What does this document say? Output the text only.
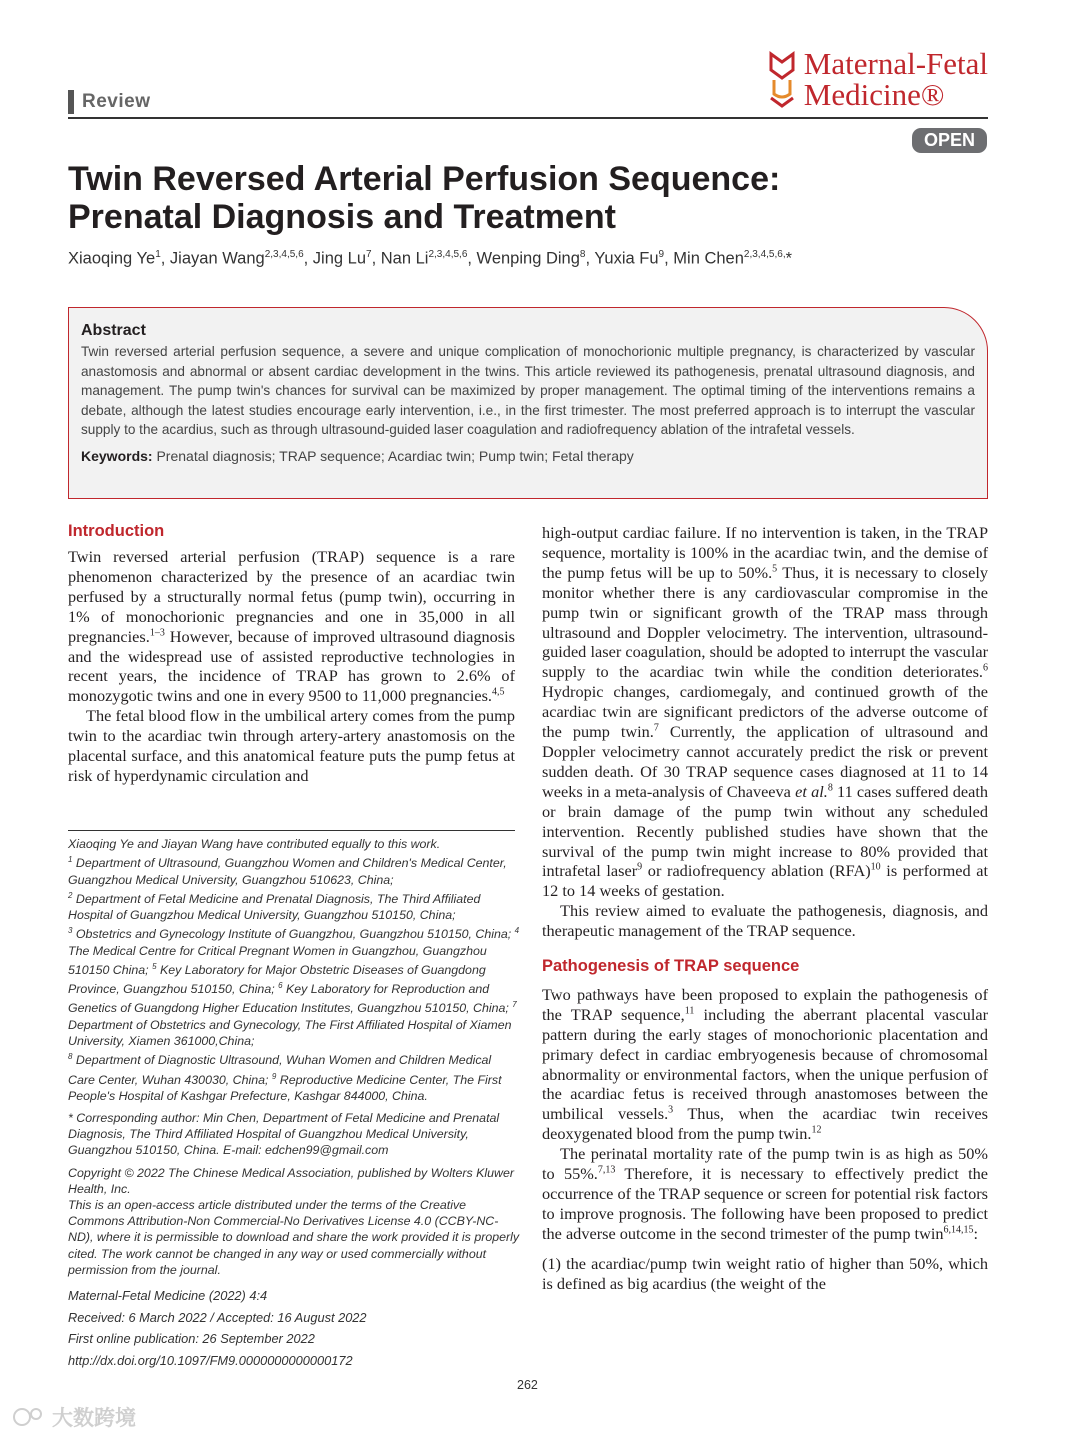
Review
Maternal-Fetal
Medicine®
OPEN
Twin Reversed Arterial Perfusion Sequence:
Prenatal Diagnosis and Treatment
Xiaoqing Ye$^1$, Jiayan Wang$^{2,3,4,5,6}$, Jing Lu$^7$, Nan Li$^{2,3,4,5,6}$, Wenping Ding$^8$, Yuxia Fu$^9$, Min Chen$^{2,3,4,5,6,}$*
Abstract

Twin reversed arterial perfusion sequence, a severe and unique complication of monochorionic multiple pregnancy, is characterized by vascular anastomosis and abnormal or absent cardiac development in the twins. This article reviewed its pathogenesis, prenatal ultrasound diagnosis, and management. The pump twin's chances for survival can be maximized by proper management. The optimal timing of the interventions remains a debate, although the latest studies encourage early intervention, i.e., in the first trimester. The most preferred approach is to interrupt the vascular supply to the acardius, such as through ultrasound-guided laser coagulation and radiofrequency ablation of the intrafetal vessels.

Keywords: Prenatal diagnosis; TRAP sequence; Acardiac twin; Pump twin; Fetal therapy
Introduction

Twin reversed arterial perfusion (TRAP) sequence is a rare phenomenon characterized by the presence of an acardiac twin perfused by a structurally normal fetus (pump twin), occurring in 1% of monochorionic pregnancies and one in 35,000 in all pregnancies.$^{1-3}$ However, because of improved ultrasound diagnosis and the widespread use of assisted reproductive technologies in recent years, the incidence of TRAP has grown to 2.6% of monozygotic twins and one in every 9500 to 11,000 pregnancies.$^{4,5}$

The fetal blood flow in the umbilical artery comes from the pump twin to the acardiac twin through artery-artery anastomosis on the placental surface, and this anatomical feature puts the pump fetus at risk of hyperdynamic circulation and

Xiaoqing Ye and Jiayan Wang have contributed equally to this work.

$^1$ Department of Ultrasound, Guangzhou Women and Children's Medical Center, Guangzhou Medical University, Guangzhou 510623, China;
$^2$ Department of Fetal Medicine and Prenatal Diagnosis, The Third Affiliated Hospital of Guangzhou Medical University, Guangzhou 510150, China;
$^3$ Obstetrics and Gynecology Institute of Guangzhou, Guangzhou 510150, China; $^4$ The Medical Centre for Critical Pregnant Women in Guangzhou, Guangzhou 510150 China; $^5$ Key Laboratory for Major Obstetric Diseases of Guangdong Province, Guangzhou 510150, China; $^6$ Key Laboratory for Reproduction and Genetics of Guangdong Higher Education Institutes, Guangzhou 510150, China; $^7$ Department of Obstetrics and Gynecology, The First Affiliated Hospital of Xiamen University, Xiamen 361000,China;
$^8$ Department of Diagnostic Ultrasound, Wuhan Women and Children Medical Care Center, Wuhan 430030, China; $^9$ Reproductive Medicine Center, The First People's Hospital of Kashgar Prefecture, Kashgar 844000, China.

* Corresponding author: Min Chen, Department of Fetal Medicine and Prenatal Diagnosis, The Third Affiliated Hospital of Guangzhou Medical University, Guangzhou 510150, China. E-mail: edchen99@gmail.com

Copyright © 2022 The Chinese Medical Association, published by Wolters Kluwer Health, Inc.

This is an open-access article distributed under the terms of the Creative Commons Attribution-Non Commercial-No Derivatives License 4.0 (CCBY-NC-ND), where it is permissible to download and share the work provided it is properly cited. The work cannot be changed in any way or used commercially without permission from the journal.

Maternal-Fetal Medicine (2022) 4:4
Received: 6 March 2022 / Accepted: 16 August 2022
First online publication: 26 September 2022
http://dx.doi.org/10.1097/FM9.0000000000000172

high-output cardiac failure. If no intervention is taken, in the TRAP sequence, mortality is 100% in the acardiac twin, and the demise of the pump fetus will be up to 50%.$^5$ Thus, it is necessary to closely monitor whether there is any cardiovascular compromise in the pump twin or significant growth of the TRAP mass through ultrasound and Doppler velocimetry. The intervention, ultrasound-guided laser coagulation, should be adopted to interrupt the vascular supply to the acardiac twin while the condition deteriorates.$^6$ Hydropic changes, cardiomegaly, and continued growth of the acardiac twin are significant predictors of the adverse outcome of the pump twin.$^7$ Currently, the application of ultrasound and Doppler velocimetry cannot accurately predict the risk or prevent sudden death. Of 30 TRAP sequence cases diagnosed at 11 to 14 weeks in a meta-analysis of Chaveeva et al.$^8$ 11 cases suffered death or brain damage of the pump twin without any scheduled intervention. Recently published studies have shown that the survival of the pump twin might increase to 80% provided that intrafetal laser$^9$ or radiofrequency ablation (RFA)$^{10}$ is performed at 12 to 14 weeks of gestation.

This review aimed to evaluate the pathogenesis, diagnosis, and therapeutic management of the TRAP sequence.

Pathogenesis of TRAP sequence

Two pathways have been proposed to explain the pathogenesis of the TRAP sequence,$^{11}$ including the aberrant placental vascular pattern during the early stages of monochorionic placentation and primary defect in cardiac embryogenesis because of chromosomal abnormality or environmental factors, when the unique perfusion of the acardiac fetus is received through anastomoses between the umbilical vessels.$^3$ Thus, when the acardiac twin receives deoxygenated blood from the pump twin.$^{12}$

The perinatal mortality rate of the pump twin is as high as 50% to 55%.$^{7,13}$ Therefore, it is necessary to effectively predict the occurrence of the TRAP sequence or screen for potential risk factors to improve prognosis. The following have been proposed to predict the adverse outcome in the second trimester of the pump twin$^{6,14,15}$:

(1) the acardiac/pump twin weight ratio of higher than 50%, which is defined as big acardius (the weight of the

262
大数跨境
